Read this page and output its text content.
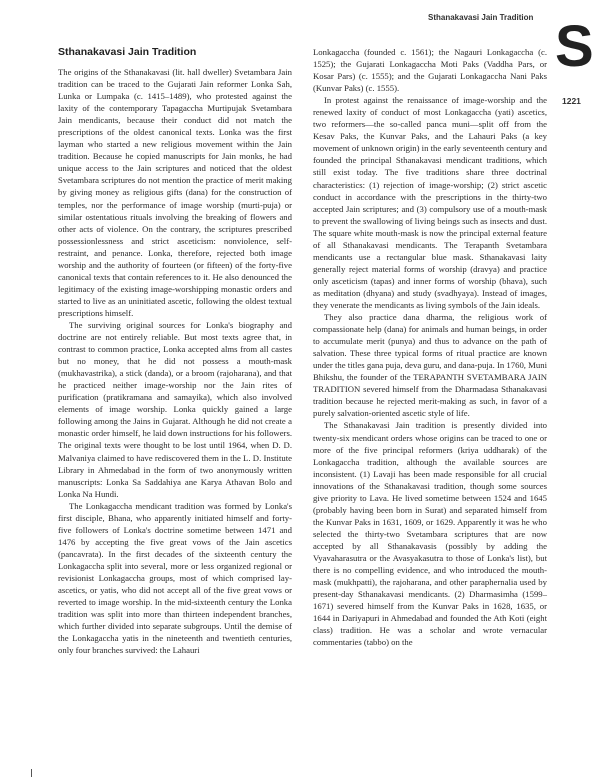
Sthanakavasi Jain Tradition S
1221
Sthanakavasi Jain Tradition

The origins of the Sthanakavasi (lit. hall dweller) Svetambara Jain tradition can be traced to the Gujarati Jain reformer Lonka Sah, Lunka or Lumpaka (c. 1415–1489), who protested against the laxity of the contemporary Tapagaccha Murtipujak Svetambara Jain mendicants, because their conduct did not match the prescriptions of the oldest canonical texts. Lonka was the first layman who started a new religious movement within the Jain tradition. Because he copied manuscripts for Jain monks, he had unique access to the Jain scriptures and noticed that the oldest Svetambara scriptures do not mention the practice of merit making by giving money as religious gifts (dana) for the construction of temples, nor the performance of image worship (murti-puja) or similar ostentatious rituals involving the breaking of flowers and other acts of violence. On the contrary, the scriptures prescribed possessionlessness and strict asceticism: nonviolence, self-restraint, and penance. Lonka, therefore, rejected both image worship and the authority of fourteen (or fifteen) of the forty-five canonical texts that contain references to it. He also denounced the legitimacy of the existing image-worshipping monastic orders and started to live as an uninitiated ascetic, following the oldest textual prescriptions himself.

The surviving original sources for Lonka's biography and doctrine are not entirely reliable. But most texts agree that, in contrast to common practice, Lonka accepted alms from all castes but no money, that he did not possess a mouth-mask (mukhavastrika), a stick (danda), or a broom (rajoharana), and that he practiced neither image-worship nor the Jain rites of purification (pratikramana and samayika), which also involved elements of image worship. Lonka quickly gained a large following among the Jains in Gujarat. Although he did not create a monastic order himself, he laid down instructions for his followers. The original texts were thought to be lost until 1964, when D. D. Malvaniya claimed to have rediscovered them in the L. D. Institute Library in Ahmedabad in the form of two anonymously written manuscripts: Lonka Sa Saddahiya ane Karya Athavan Bolo and Lonka Na Hundi.

The Lonkagaccha mendicant tradition was formed by Lonka's first disciple, Bhana, who apparently initiated himself and forty-five followers of Lonka's doctrine sometime between 1471 and 1476 by accepting the five great vows of the Jain ascetics (pancavrata). In the first decades of the sixteenth century the Lonkagaccha split into several, more or less organized regional or revisionist Lonkagaccha groups, most of which comprised lay-ascetics, or yatis, who did not accept all of the five great vows or reverted to image worship. In the mid-sixteenth century the Lonka tradition was split into more than thirteen independent branches, which further divided into separate subgroups. Until the demise of the Lonkagaccha yatis in the nineteenth and twentieth centuries, only four branches survived: the Lahauri

Lonkagaccha (founded c. 1561); the Nagauri Lonkagaccha (c. 1525); the Gujarati Lonkagaccha Moti Paks (Vaddha Pars, or Kosar Pars) (c. 1555); and the Gujarati Lonkagaccha Nani Paks (Kunvar Paks) (c. 1555).

In protest against the renaissance of image-worship and the renewed laxity of conduct of most Lonkagaccha (yati) ascetics, two reformers—the so-called panca muni—split off from the Kesav Paks, the Kunvar Paks, and the Lahauri Paks (a key movement of unknown origin) in the early seventeenth century and founded the principal Sthanakavasi mendicant traditions, which still exist today. The five traditions share three doctrinal characteristics: (1) rejection of image-worship; (2) strict ascetic conduct in accordance with the prescriptions in the thirty-two accepted Jain scriptures; and (3) compulsory use of a mouth-mask to prevent the swallowing of living beings such as insects and dust. The square white mouth-mask is now the principal external feature of all Sthanakavasi mendicants. The Terapanth Svetambara mendicants use a rectangular blue mask. Sthanakavasi laity generally reject material forms of worship (dravya) and practice only asceticism (tapas) and inner forms of worship (bhava), such as meditation (dhyana) and study (svadhyaya). Instead of images, they venerate the mendicants as living symbols of the Jain ideals.

They also practice dana dharma, the religious work of compassionate help (dana) for animals and human beings, in order to accumulate merit (punya) and thus to advance on the path of salvation. These three typical forms of ritual practice are known under the titles gana puja, deva guru, and dana-puja. In 1760, Muni Bhikshu, the founder of the TERAPANTH SVETAMBARA JAIN TRADITION severed himself from the Dharmadasa Sthanakavasi tradition because he rejected merit-making as such, in favor of a purely salvation-oriented ascetic style of life.

The Sthanakavasi Jain tradition is presently divided into twenty-six mendicant orders whose origins can be traced to one or more of the five principal reformers (kriya uddharak) of the Lonkagaccha tradition, although the available sources are inconsistent. (1) Lavaji has been made responsible for all crucial innovations of the Sthanakavasi tradition, though some sources give priority to Lava. He lived sometime between 1524 and 1645 (probably having been born in Surat) and separated himself from the Kunvar Paks in 1631, 1609, or 1629. Apparently it was he who selected the thirty-two Svetambara scriptures that are now accepted by all Sthanakavasis (possibly by adding the Vyavaharasutra or the Avasyakasutra to those of Lonka's list), but there is no compelling evidence, and who introduced the mouth-mask (mukhpatti), the rajoharana, and other paraphernalia used by present-day Sthanakavasi mendicants. (2) Dharmasimha (1599–1671) severed himself from the Kunvar Paks in 1628, 1635, or 1644 in Dariyapuri in Ahmedabad and founded the Ath Koti (eight class) tradition. He was a scholar and wrote vernacular commentaries (tabbo) on the
